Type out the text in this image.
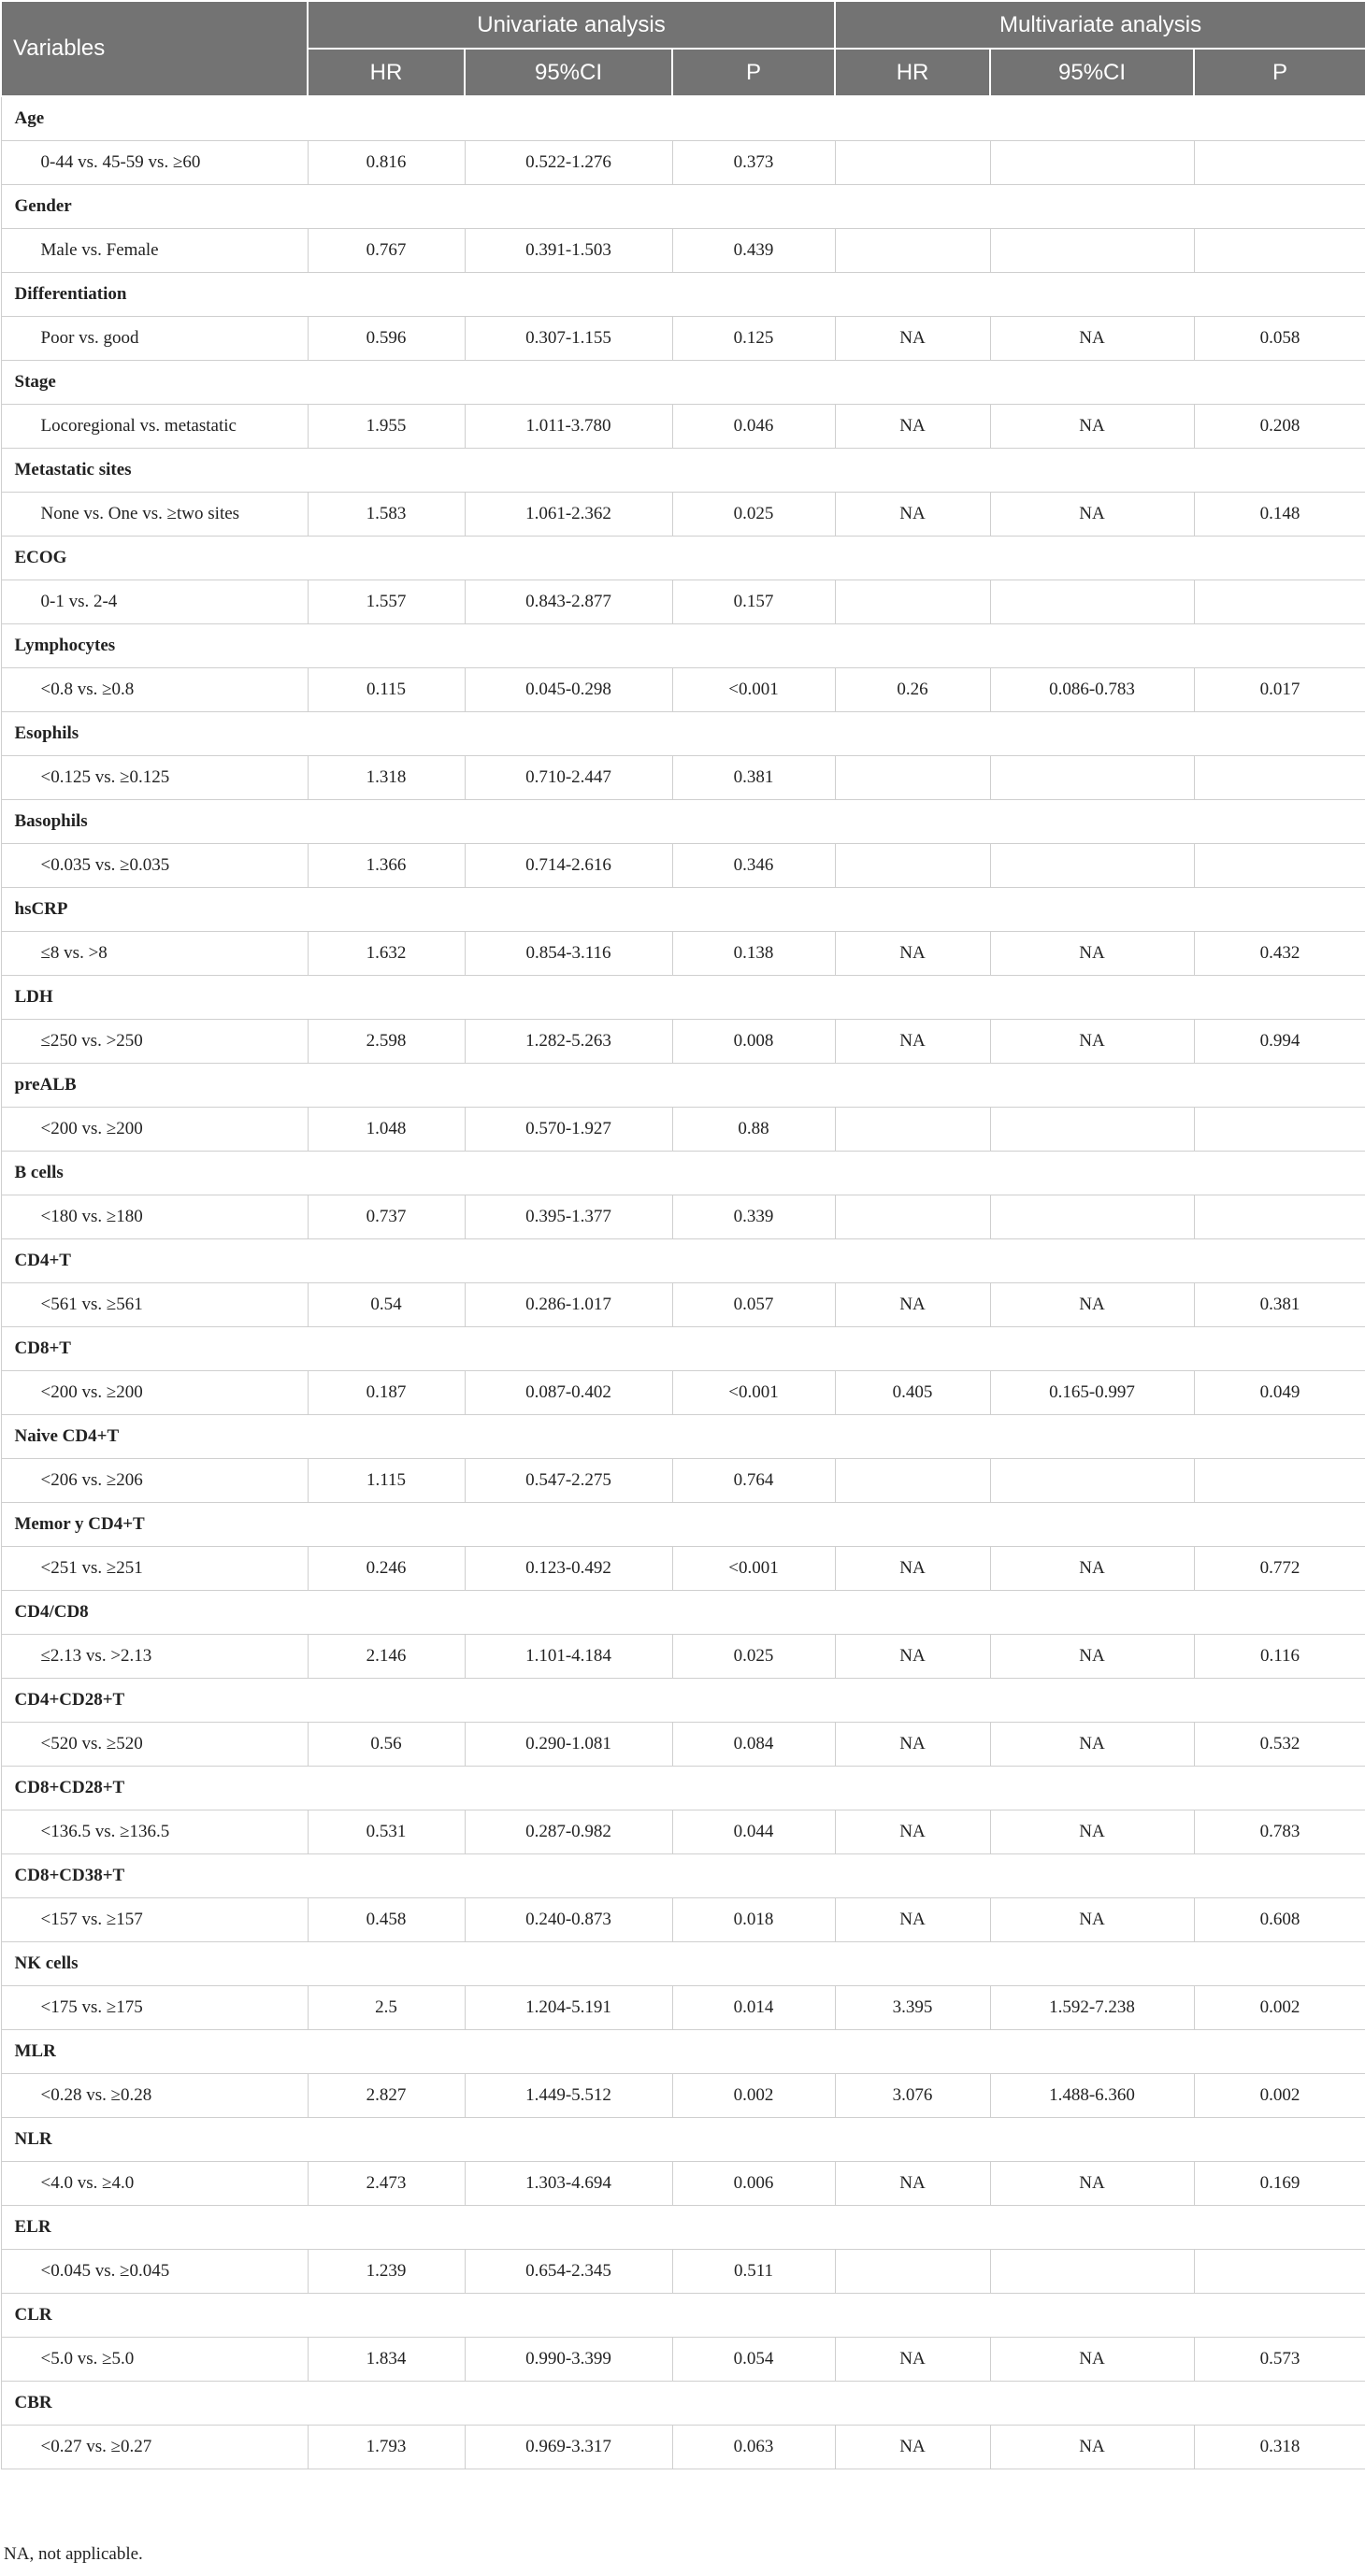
Variables	Univariate analysis			Multivariate analysis		
	HR	95%CI	P	HR	95%CI	P
Age						
0-44 vs. 45-59 vs. ≥60	0.816	0.522-1.276	0.373			
Gender						
Male vs. Female	0.767	0.391-1.503	0.439			
Differentiation						
Poor vs. good	0.596	0.307-1.155	0.125	NA	NA	0.058
Stage						
Locoregional vs. metastatic	1.955	1.011-3.780	0.046	NA	NA	0.208
Metastatic sites						
None vs. One vs. ≥two sites	1.583	1.061-2.362	0.025	NA	NA	0.148
ECOG						
0-1 vs. 2-4	1.557	0.843-2.877	0.157			
Lymphocytes						
<0.8 vs. ≥0.8	0.115	0.045-0.298	<0.001	0.26	0.086-0.783	0.017
Esophils						
<0.125 vs. ≥0.125	1.318	0.710-2.447	0.381			
Basophils						
<0.035 vs. ≥0.035	1.366	0.714-2.616	0.346			
hsCRP						
≤8 vs. >8	1.632	0.854-3.116	0.138	NA	NA	0.432
LDH						
≤250 vs. >250	2.598	1.282-5.263	0.008	NA	NA	0.994
preALB						
<200 vs. ≥200	1.048	0.570-1.927	0.88			
B cells						
<180 vs. ≥180	0.737	0.395-1.377	0.339			
CD4+T						
<561 vs. ≥561	0.54	0.286-1.017	0.057	NA	NA	0.381
CD8+T						
<200 vs. ≥200	0.187	0.087-0.402	<0.001	0.405	0.165-0.997	0.049
Naive CD4+T						
<206 vs. ≥206	1.115	0.547-2.275	0.764			
Memor y CD4+T						
<251 vs. ≥251	0.246	0.123-0.492	<0.001	NA	NA	0.772
CD4/CD8						
≤2.13 vs. >2.13	2.146	1.101-4.184	0.025	NA	NA	0.116
CD4+CD28+T						
<520 vs. ≥520	0.56	0.290-1.081	0.084	NA	NA	0.532
CD8+CD28+T						
<136.5 vs. ≥136.5	0.531	0.287-0.982	0.044	NA	NA	0.783
CD8+CD38+T						
<157 vs. ≥157	0.458	0.240-0.873	0.018	NA	NA	0.608
NK cells						
<175 vs. ≥175	2.5	1.204-5.191	0.014	3.395	1.592-7.238	0.002
MLR						
<0.28 vs. ≥0.28	2.827	1.449-5.512	0.002	3.076	1.488-6.360	0.002
NLR						
<4.0 vs. ≥4.0	2.473	1.303-4.694	0.006	NA	NA	0.169
ELR						
<0.045 vs. ≥0.045	1.239	0.654-2.345	0.511			
CLR						
<5.0 vs. ≥5.0	1.834	0.990-3.399	0.054	NA	NA	0.573
CBR						
<0.27 vs. ≥0.27	1.793	0.969-3.317	0.063	NA	NA	0.318
NA, not applicable.
